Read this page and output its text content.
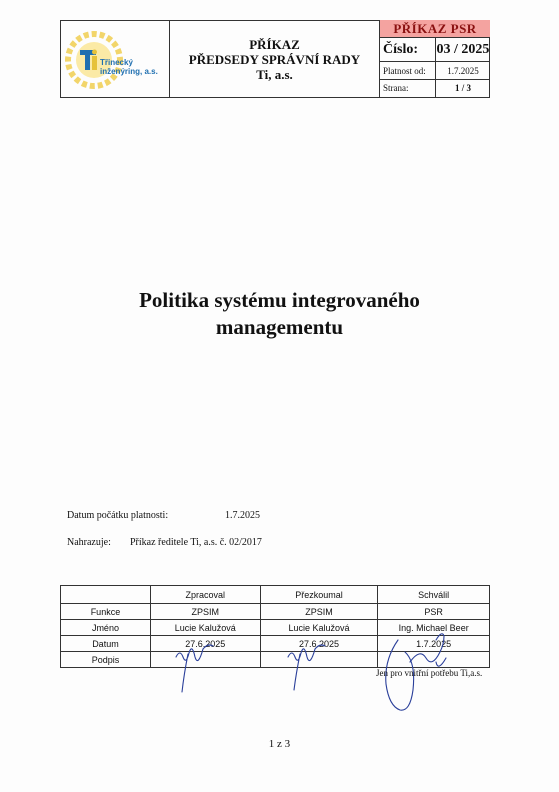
Třinecký
inženýring, a.s.
PŘÍKAZ
PŘEDSEDY SPRÁVNÍ RADY
Ti, a.s.
PŘÍKAZ PSR
Číslo:	03 / 2025
Platnost od:	1.7.2025
Strana:	1 / 3
Politika systému integrovaného
managementu
Datum počátku platnosti:	1.7.2025
Nahrazuje: Příkaz ředitele Ti, a.s. č. 02/2017
	Zpracoval	Přezkoumal	Schválil
Funkce	ZPSIM	ZPSIM	PSR
Jméno	Lucie Kalužová	Lucie Kalužová	Ing. Michael Beer
Datum	27.6.2025	27.6.2025	1.7.2025
Podpis			
Jen pro vnitřní potřebu Ti,a.s.
1 z 3
